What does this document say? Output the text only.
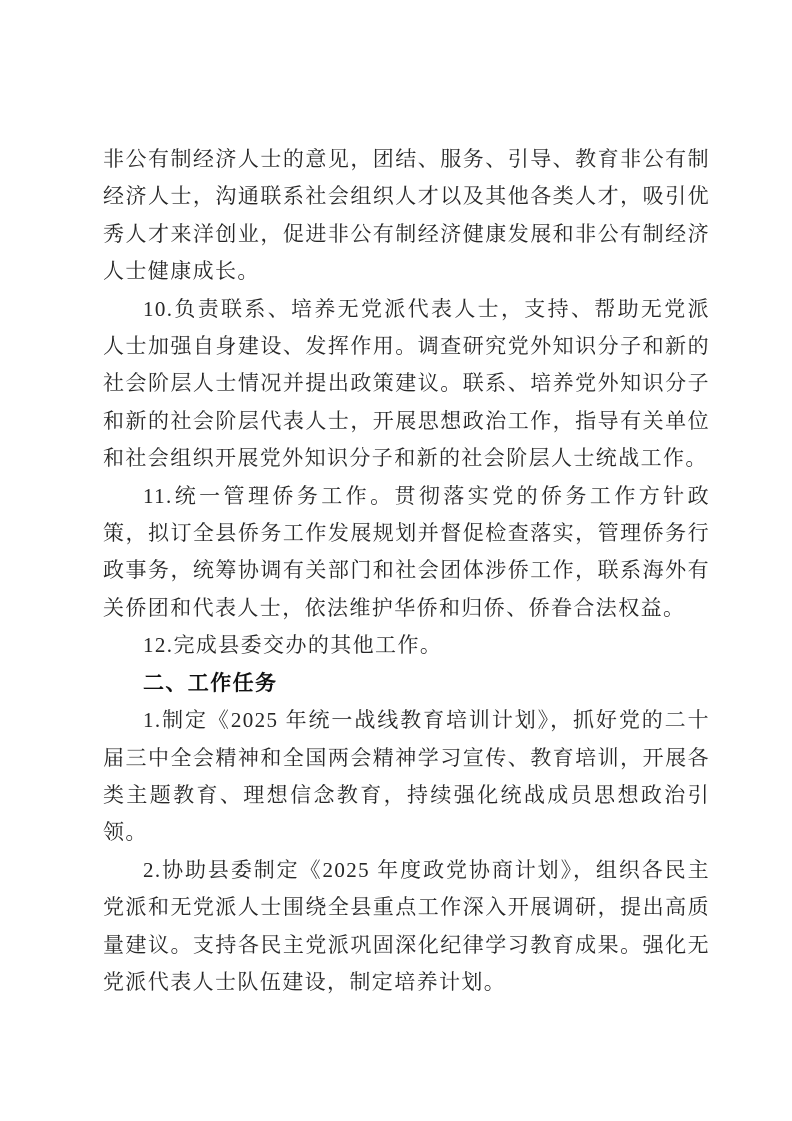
非公有制经济人士的意见，团结、服务、引导、教育非公有制经济人士，沟通联系社会组织人才以及其他各类人才，吸引优秀人才来洋创业，促进非公有制经济健康发展和非公有制经济人士健康成长。

10.负责联系、培养无党派代表人士，支持、帮助无党派人士加强自身建设、发挥作用。调查研究党外知识分子和新的社会阶层人士情况并提出政策建议。联系、培养党外知识分子和新的社会阶层代表人士，开展思想政治工作，指导有关单位和社会组织开展党外知识分子和新的社会阶层人士统战工作。

11.统一管理侨务工作。贯彻落实党的侨务工作方针政策，拟订全县侨务工作发展规划并督促检查落实，管理侨务行政事务，统筹协调有关部门和社会团体涉侨工作，联系海外有关侨团和代表人士，依法维护华侨和归侨、侨眷合法权益。

12.完成县委交办的其他工作。

二、工作任务

1.制定《2025 年统一战线教育培训计划》，抓好党的二十届三中全会精神和全国两会精神学习宣传、教育培训，开展各类主题教育、理想信念教育，持续强化统战成员思想政治引领。

2.协助县委制定《2025 年度政党协商计划》，组织各民主党派和无党派人士围绕全县重点工作深入开展调研，提出高质量建议。支持各民主党派巩固深化纪律学习教育成果。强化无党派代表人士队伍建设，制定培养计划。
